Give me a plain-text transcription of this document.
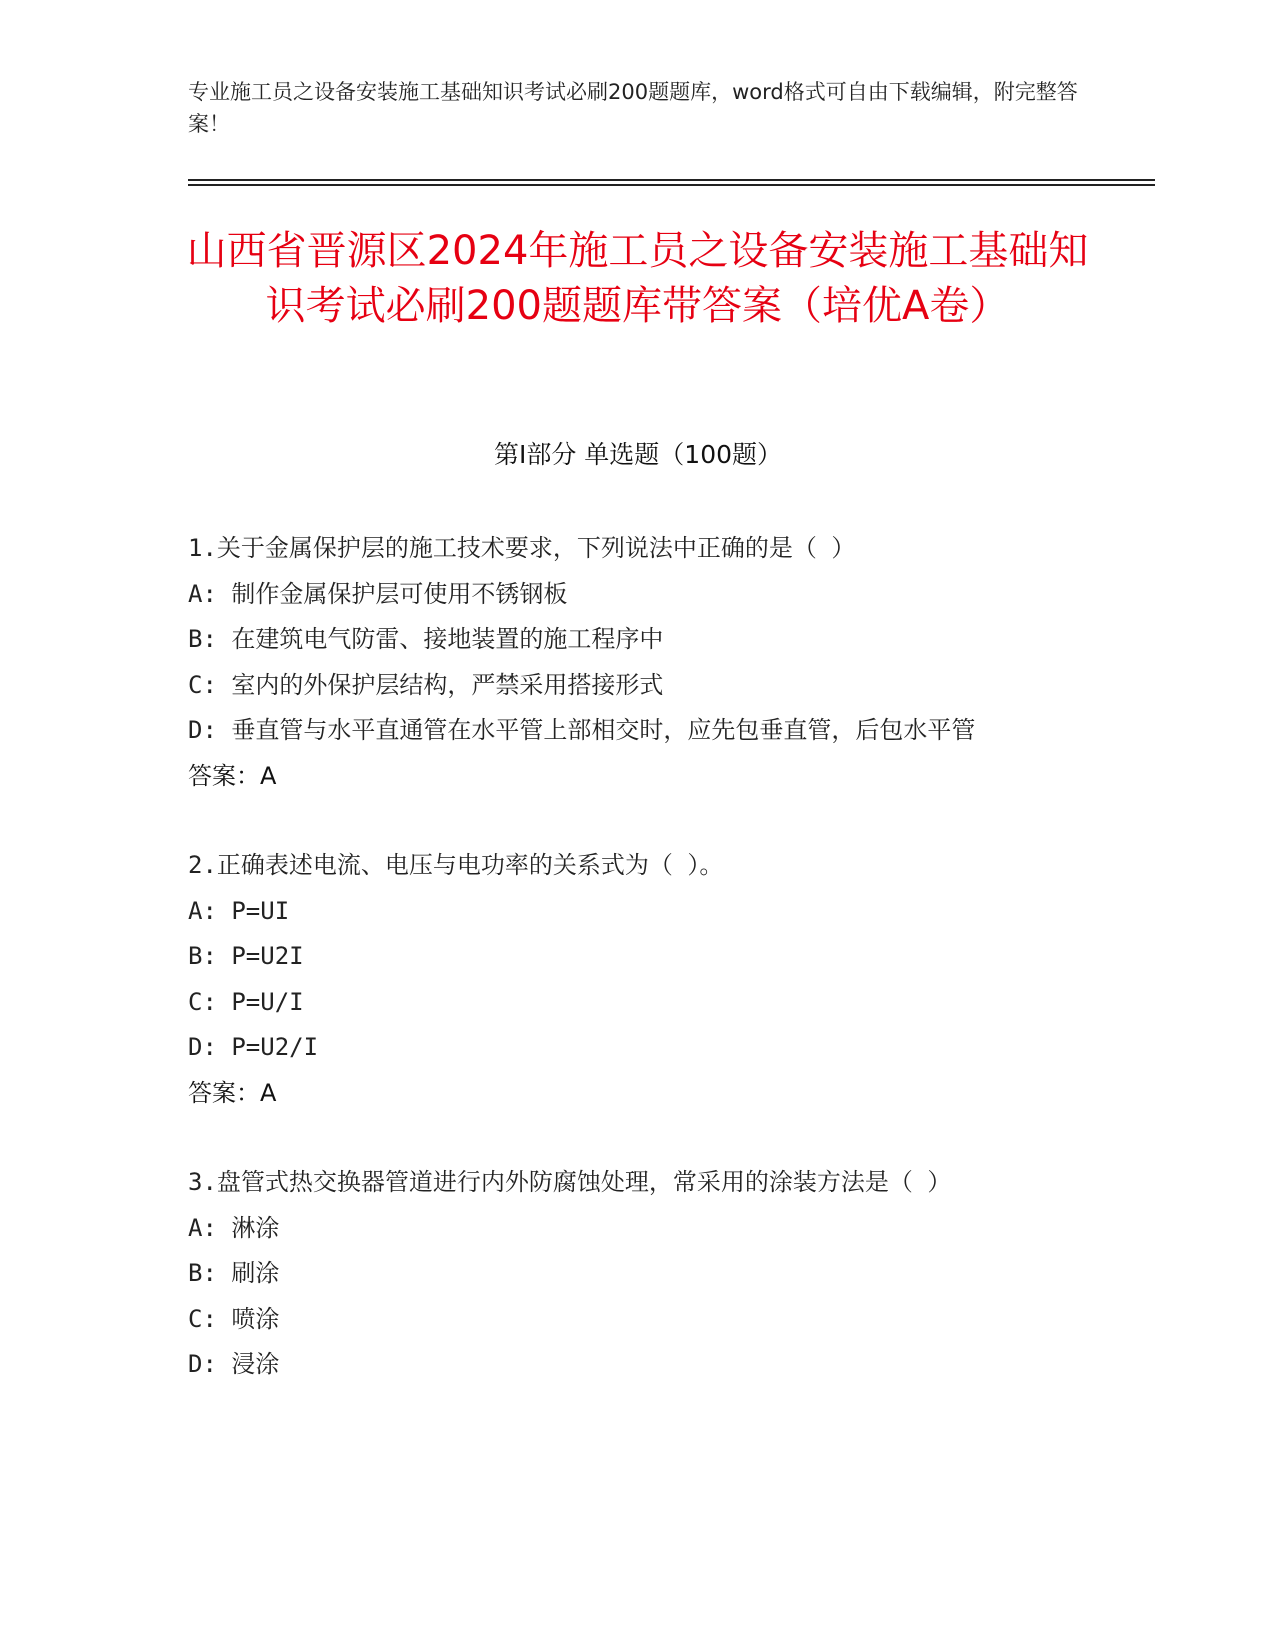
专业施工员之设备安装施工基础知识考试必刷200题题库，word格式可自由下载编辑，附完整答案！
山西省晋源区2024年施工员之设备安装施工基础知识考试必刷200题题库带答案（培优A卷）
第I部分 单选题（100题）

1.关于金属保护层的施工技术要求，下列说法中正确的是（ ）

A: 制作金属保护层可使用不锈钢板

B: 在建筑电气防雷、接地装置的施工程序中

C: 室内的外保护层结构，严禁采用搭接形式

D: 垂直管与水平直通管在水平管上部相交时，应先包垂直管，后包水平管

答案：A

2.正确表述电流、电压与电功率的关系式为（ ）。

A: P=UI

B: P=U2I

C: P=U/I

D: P=U2/I

答案：A

3.盘管式热交换器管道进行内外防腐蚀处理，常采用的涂装方法是（ ）

A: 淋涂

B: 刷涂

C: 喷涂

D: 浸涂
